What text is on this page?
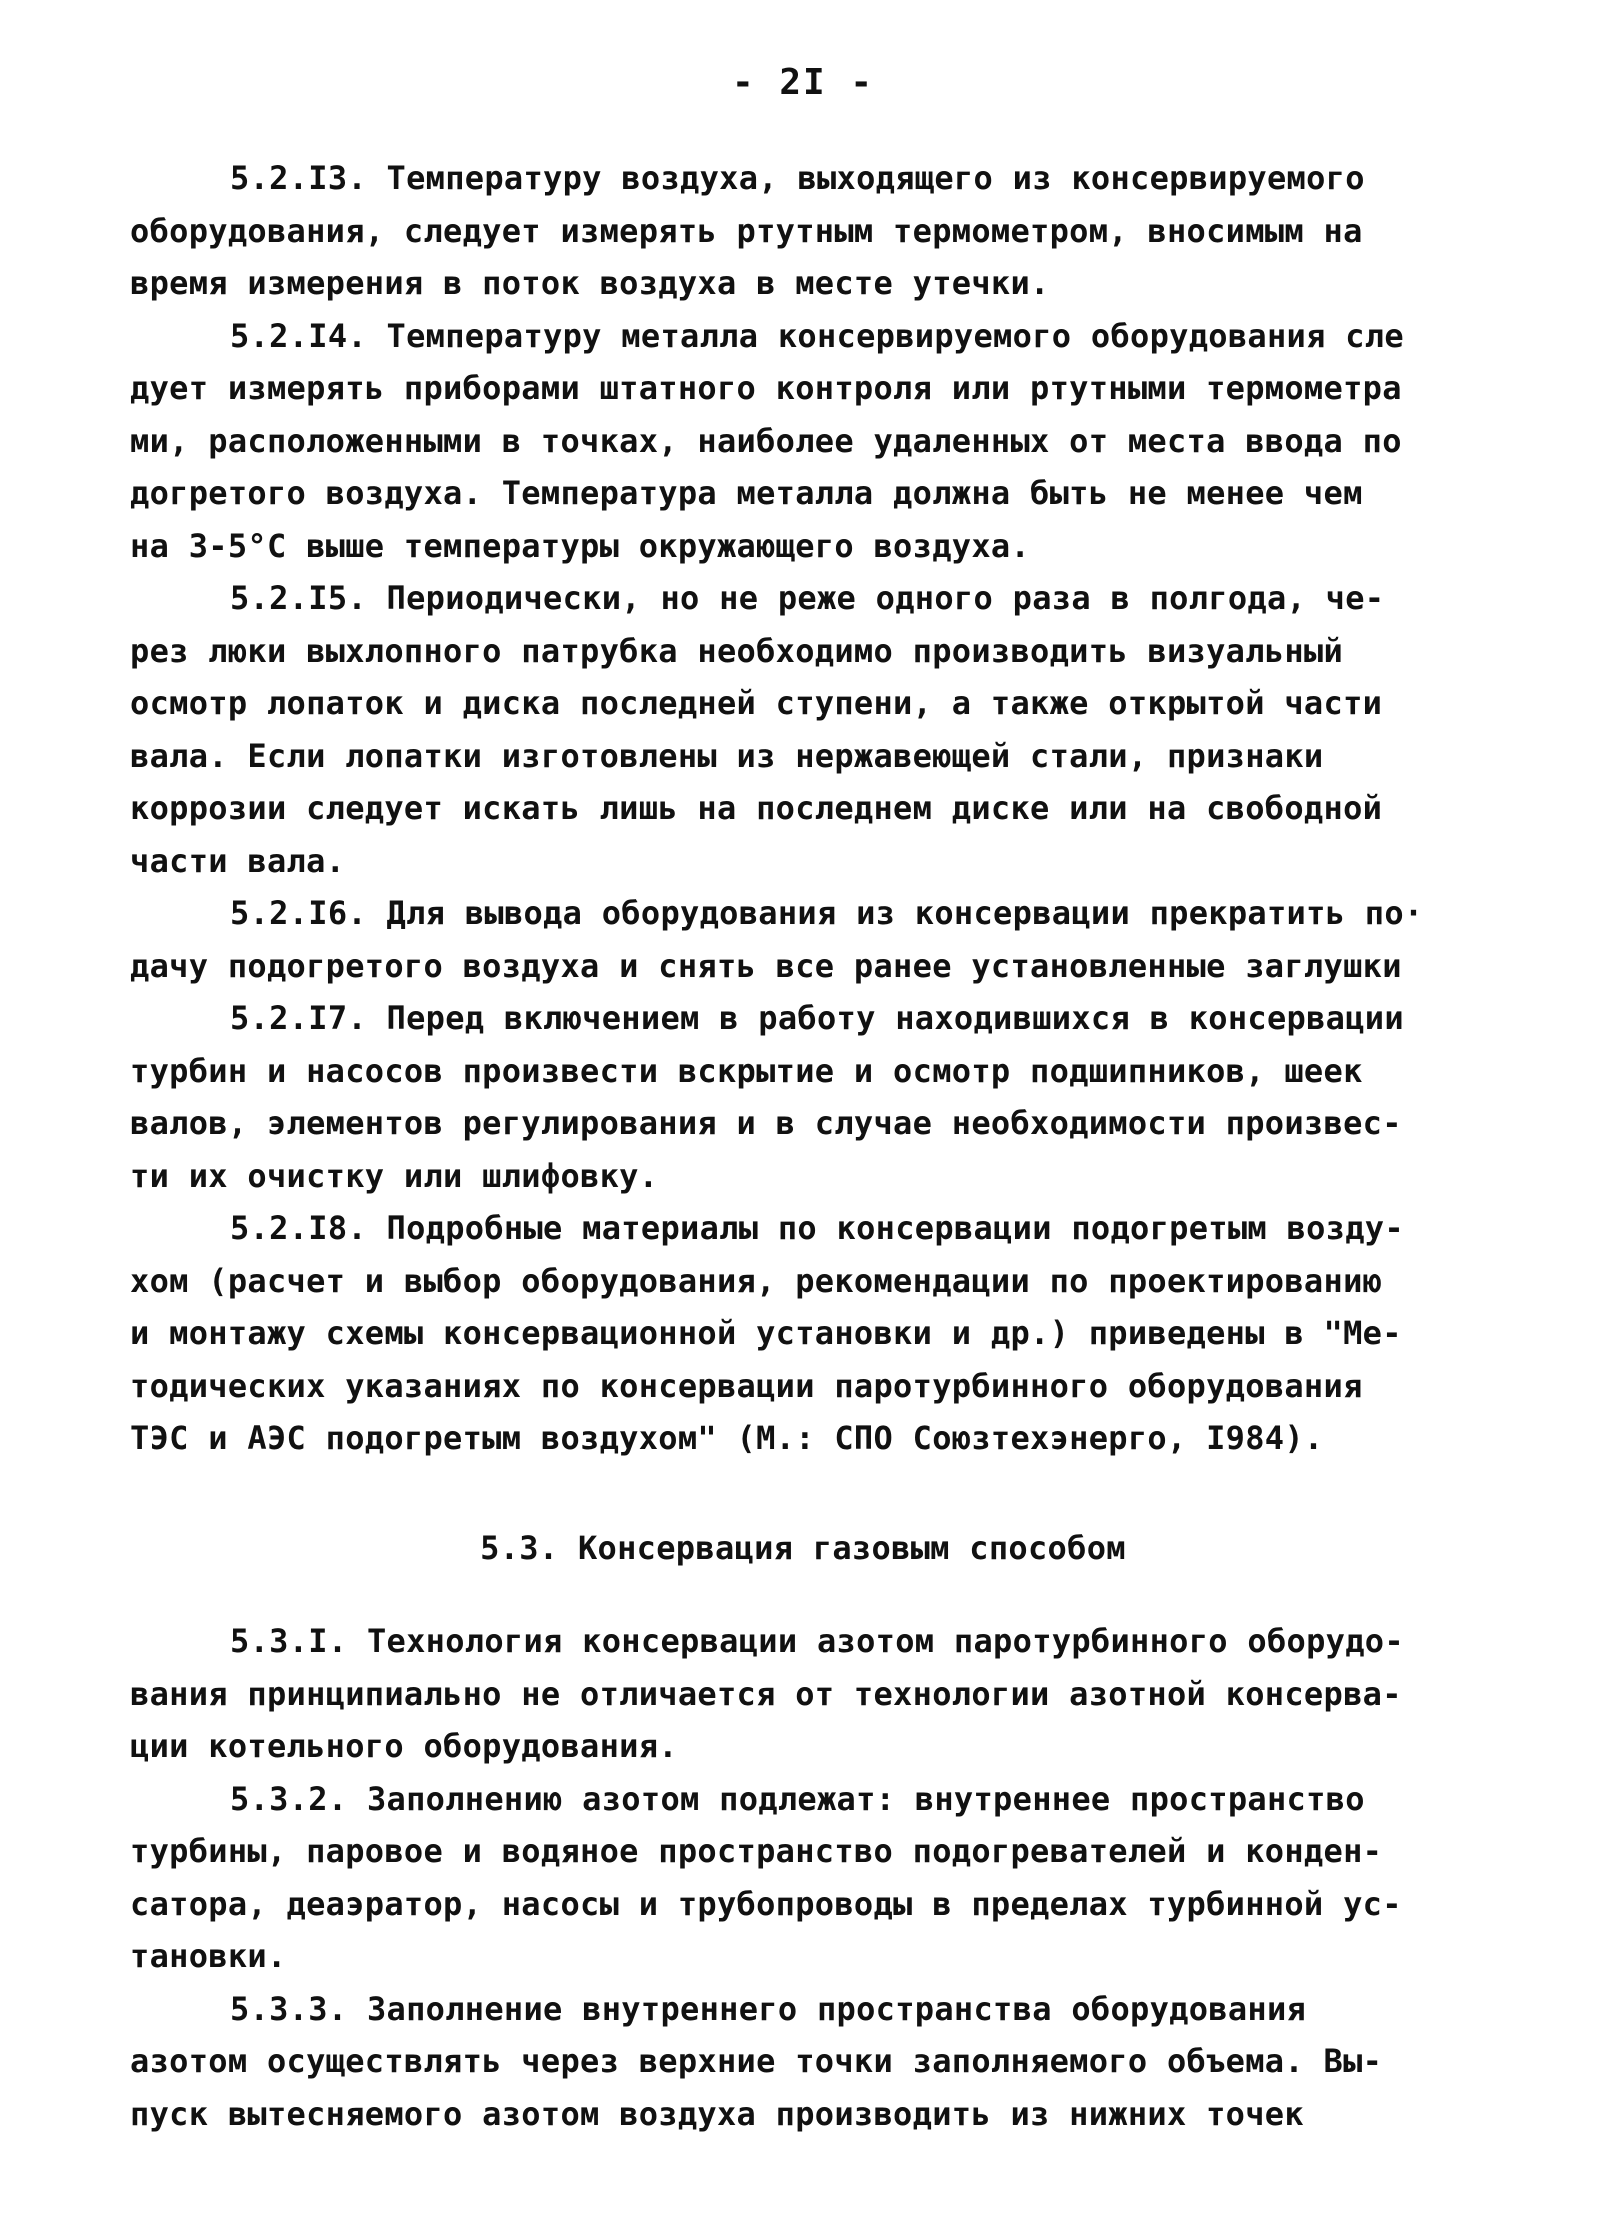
- 2I -
5.2.I3. Температуру воздуха, выходящего из консервируемого
оборудования, следует измерять ртутным термометром, вносимым на
время измерения в поток воздуха в месте утечки.
5.2.I4. Температуру металла консервируемого оборудования сле
дует измерять приборами штатного контроля или ртутными термометра
ми, расположенными в точках, наиболее удаленных от места ввода по
догретого воздуха. Температура металла должна быть не менее чем
на 3-5°С выше температуры окружающего воздуха.
5.2.I5. Периодически, но не реже одного раза в полгода, че-
рез люки выхлопного патрубка необходимо производить визуальный
осмотр лопаток и диска последней ступени, а также открытой части
вала. Если лопатки изготовлены из нержавеющей стали, признаки
коррозии следует искать лишь на последнем диске или на свободной
части вала.
5.2.I6. Для вывода оборудования из консервации прекратить по·
дачу подогретого воздуха и снять все ранее установленные заглушки
5.2.I7. Перед включением в работу находившихся в консервации
турбин и насосов произвести вскрытие и осмотр подшипников, шеек
валов, элементов регулирования и в случае необходимости произвес-
ти их очистку или шлифовку.
5.2.I8. Подробные материалы по консервации подогретым возду-
хом (расчет и выбор оборудования, рекомендации по проектированию
и монтажу схемы консервационной установки и др.) приведены в "Ме-
тодических указаниях по консервации паротурбинного оборудования
ТЭС и АЭС подогретым воздухом" (М.: СПО Союзтехэнерго, I984).
5.3. Консервация газовым способом
5.3.I. Технология консервации азотом паротурбинного оборудо-
вания принципиально не отличается от технологии азотной консерва-
ции котельного оборудования.
5.3.2. Заполнению азотом подлежат: внутреннее пространство
турбины, паровое и водяное пространство подогревателей и конден-
сатора, деаэратор, насосы и трубопроводы в пределах турбинной ус-
тановки.
5.3.3. Заполнение внутреннего пространства оборудования
азотом осуществлять через верхние точки заполняемого объема. Вы-
пуск вытесняемого азотом воздуха производить из нижних точек
